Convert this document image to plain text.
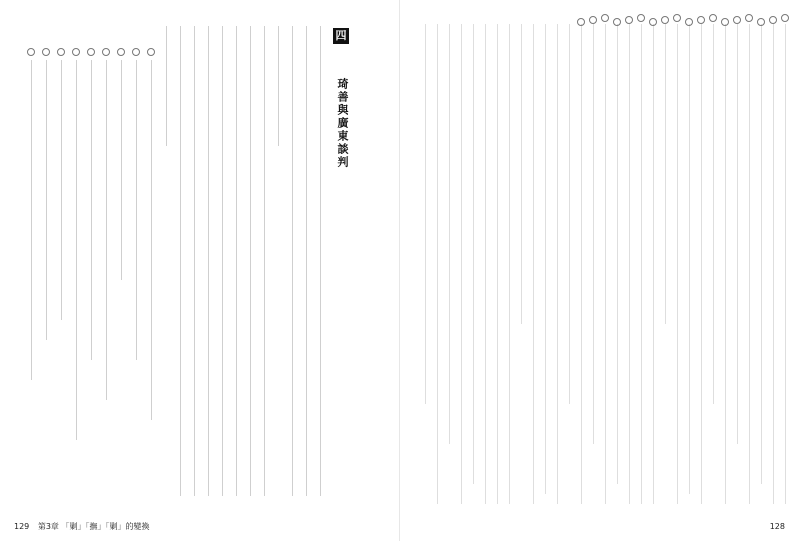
四
琦善與廣東談判
129 第3章 「剿」「撫」「剿」的變換	128
